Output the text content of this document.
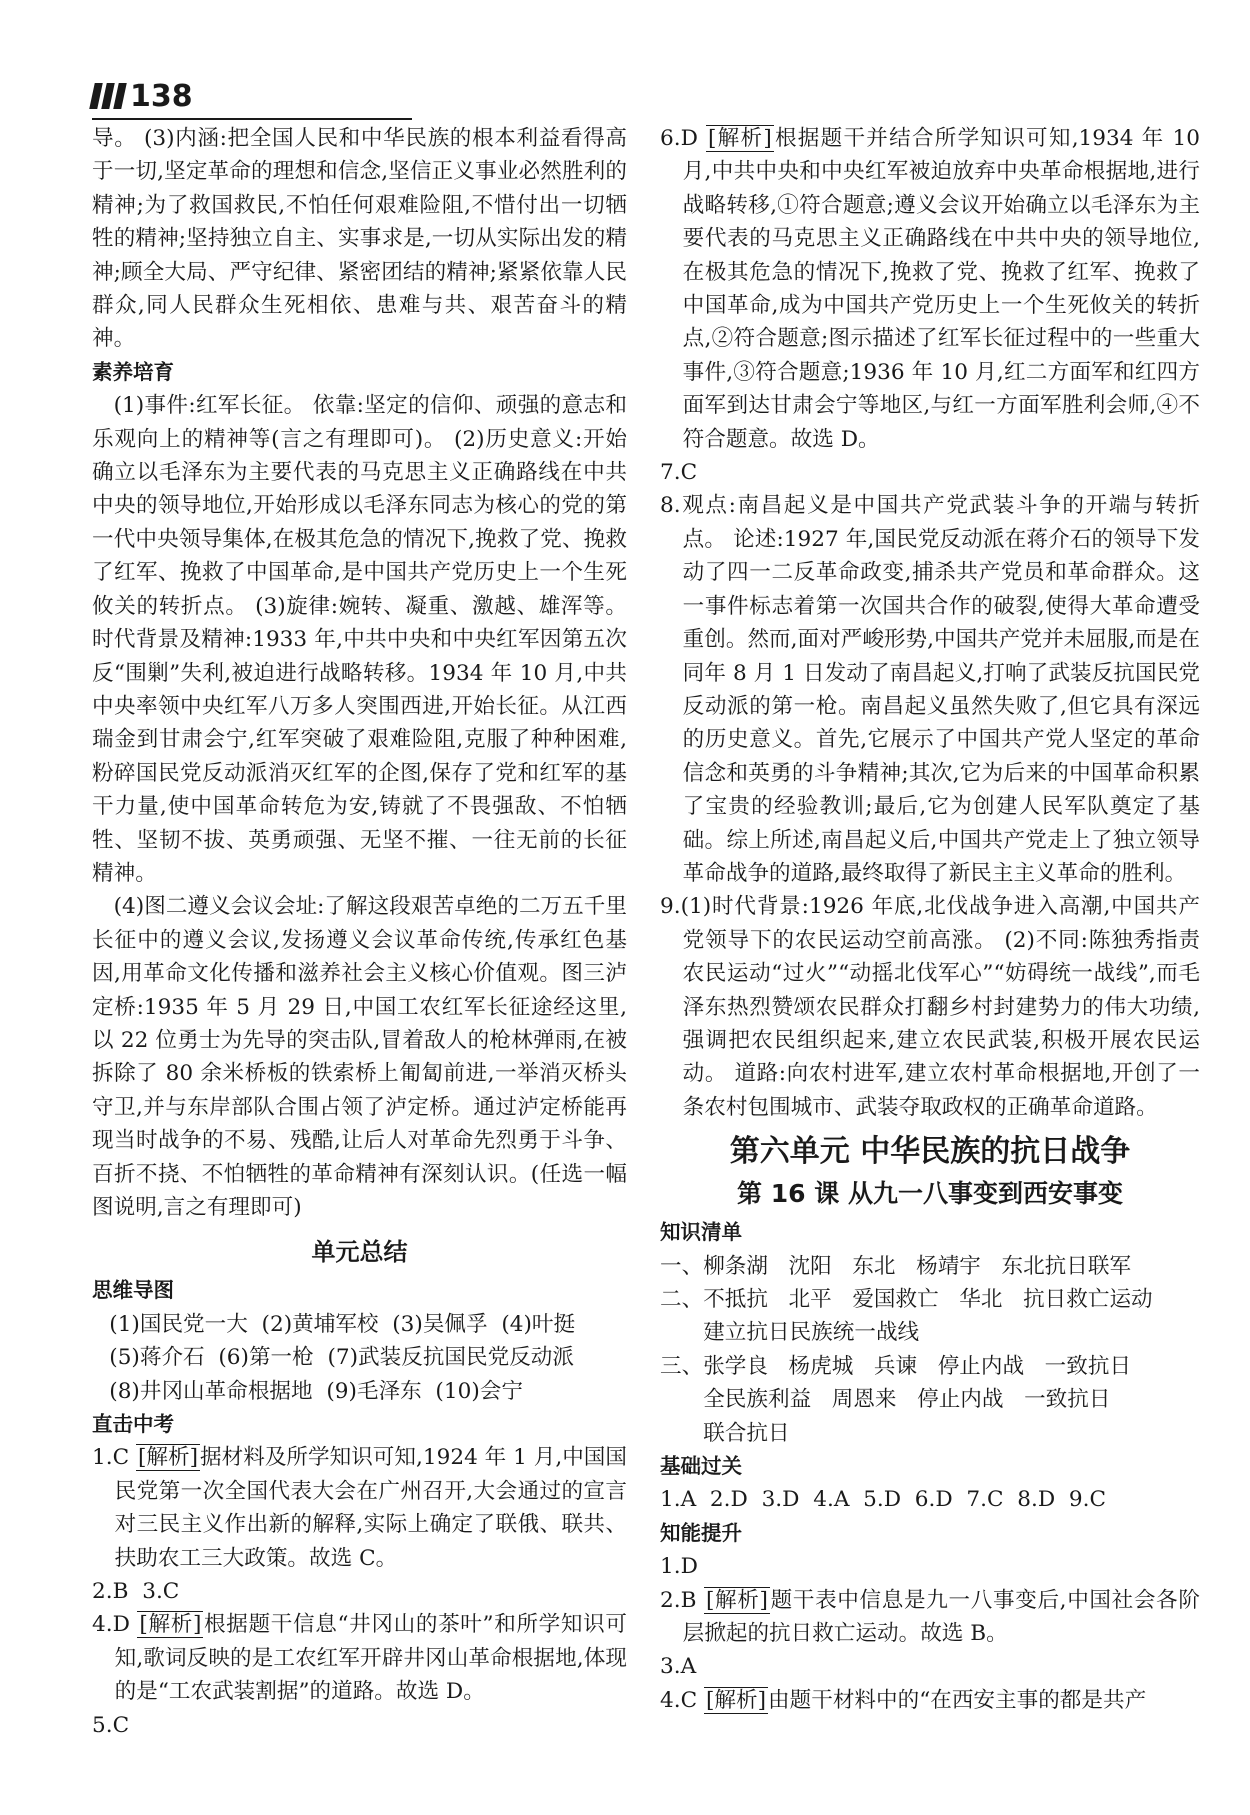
138

导。 (3)内涵:把全国人民和中华民族的根本利益看得高于一切,坚定革命的理想和信念,坚信正义事业必然胜利的精神;为了救国救民,不怕任何艰难险阻,不惜付出一切牺牲的精神;坚持独立自主、实事求是,一切从实际出发的精神;顾全大局、严守纪律、紧密团结的精神;紧紧依靠人民群众,同人民群众生死相依、患难与共、艰苦奋斗的精神。

素养培育

(1)事件:红军长征。 依靠:坚定的信仰、顽强的意志和乐观向上的精神等(言之有理即可)。 (2)历史意义:开始确立以毛泽东为主要代表的马克思主义正确路线在中共中央的领导地位,开始形成以毛泽东同志为核心的党的第一代中央领导集体,在极其危急的情况下,挽救了党、挽救了红军、挽救了中国革命,是中国共产党历史上一个生死攸关的转折点。 (3)旋律:婉转、凝重、激越、雄浑等。 时代背景及精神:1933 年,中共中央和中央红军因第五次反“围剿”失利,被迫进行战略转移。1934 年 10 月,中共中央率领中央红军八万多人突围西进,开始长征。从江西瑞金到甘肃会宁,红军突破了艰难险阻,克服了种种困难,粉碎国民党反动派消灭红军的企图,保存了党和红军的基干力量,使中国革命转危为安,铸就了不畏强敌、不怕牺牲、坚韧不拔、英勇顽强、无坚不摧、一往无前的长征精神。

(4)图二遵义会议会址:了解这段艰苦卓绝的二万五千里长征中的遵义会议,发扬遵义会议革命传统,传承红色基因,用革命文化传播和滋养社会主义核心价值观。图三泸定桥:1935 年 5 月 29 日,中国工农红军长征途经这里,以 22 位勇士为先导的突击队,冒着敌人的枪林弹雨,在被拆除了 80 余米桥板的铁索桥上匍匐前进,一举消灭桥头守卫,并与东岸部队合围占领了泸定桥。通过泸定桥能再现当时战争的不易、残酷,让后人对革命先烈勇于斗争、百折不挠、不怕牺牲的革命精神有深刻认识。(任选一幅图说明,言之有理即可)

单元总结

思维导图

(1)国民党一大  (2)黄埔军校  (3)吴佩孚  (4)叶挺

(5)蒋介石  (6)第一枪  (7)武装反抗国民党反动派

(8)井冈山革命根据地  (9)毛泽东  (10)会宁

直击中考

1.C [解析]据材料及所学知识可知,1924 年 1 月,中国国民党第一次全国代表大会在广州召开,大会通过的宣言对三民主义作出新的解释,实际上确定了联俄、联共、扶助农工三大政策。故选 C。

2.B  3.C

4.D [解析]根据题干信息“井冈山的茶叶”和所学知识可知,歌词反映的是工农红军开辟井冈山革命根据地,体现的是“工农武装割据”的道路。故选 D。

5.C

6.D [解析]根据题干并结合所学知识可知,1934 年 10 月,中共中央和中央红军被迫放弃中央革命根据地,进行战略转移,①符合题意;遵义会议开始确立以毛泽东为主要代表的马克思主义正确路线在中共中央的领导地位,在极其危急的情况下,挽救了党、挽救了红军、挽救了中国革命,成为中国共产党历史上一个生死攸关的转折点,②符合题意;图示描述了红军长征过程中的一些重大事件,③符合题意;1936 年 10 月,红二方面军和红四方面军到达甘肃会宁等地区,与红一方面军胜利会师,④不符合题意。故选 D。

7.C

8.观点:南昌起义是中国共产党武装斗争的开端与转折点。 论述:1927 年,国民党反动派在蒋介石的领导下发动了四一二反革命政变,捕杀共产党员和革命群众。这一事件标志着第一次国共合作的破裂,使得大革命遭受重创。然而,面对严峻形势,中国共产党并未屈服,而是在同年 8 月 1 日发动了南昌起义,打响了武装反抗国民党反动派的第一枪。南昌起义虽然失败了,但它具有深远的历史意义。首先,它展示了中国共产党人坚定的革命信念和英勇的斗争精神;其次,它为后来的中国革命积累了宝贵的经验教训;最后,它为创建人民军队奠定了基础。综上所述,南昌起义后,中国共产党走上了独立领导革命战争的道路,最终取得了新民主主义革命的胜利。

9.(1)时代背景:1926 年底,北伐战争进入高潮,中国共产党领导下的农民运动空前高涨。 (2)不同:陈独秀指责农民运动“过火”“动摇北伐军心”“妨碍统一战线”,而毛泽东热烈赞颂农民群众打翻乡村封建势力的伟大功绩,强调把农民组织起来,建立农民武装,积极开展农民运动。 道路:向农村进军,建立农村革命根据地,开创了一条农村包围城市、武装夺取政权的正确革命道路。

第六单元 中华民族的抗日战争
第 16 课 从九一八事变到西安事变

知识清单

一、柳条湖   沈阳   东北   杨靖宇   东北抗日联军

二、不抵抗   北平   爱国救亡   华北   抗日救亡运动

建立抗日民族统一战线

三、张学良   杨虎城   兵谏   停止内战   一致抗日

全民族利益   周恩来   停止内战   一致抗日

联合抗日

基础过关

1.A  2.D  3.D  4.A  5.D  6.D  7.C  8.D  9.C

知能提升

1.D

2.B [解析]题干表中信息是九一八事变后,中国社会各阶层掀起的抗日救亡运动。故选 B。

3.A

4.C [解析]由题干材料中的“在西安主事的都是共产
